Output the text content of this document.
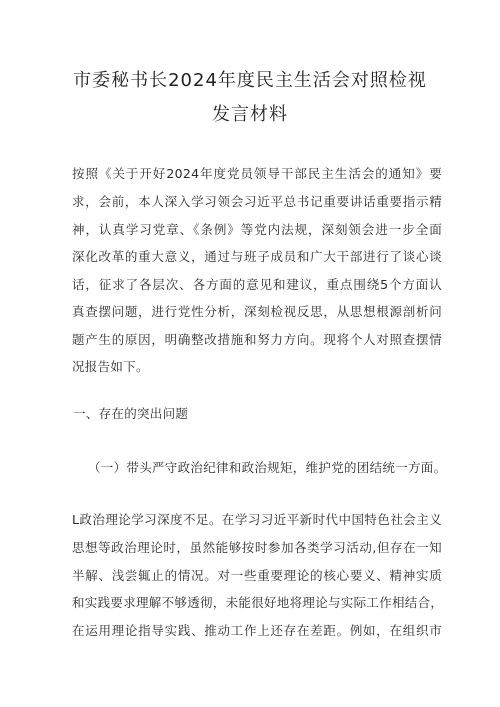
市委秘书长2024年度民主生活会对照检视
发言材料
按照《关于开好2024年度党员领导干部民主生活会的通知》要
求，会前，本人深入学习领会习近平总书记重要讲话重要指示精
神，认真学习党章、《条例》等党内法规，深刻领会进一步全面
深化改革的重大意义，通过与班子成员和广大干部进行了谈心谈
话，征求了各层次、各方面的意见和建议，重点围绕5个方面认
真查摆问题，进行党性分析，深刻检视反思，从思想根源剖析问
题产生的原因，明确整改措施和努力方向。现将个人对照查摆情
况报告如下。
一、存在的突出问题
（一）带头严守政治纪律和政治规矩，维护党的团结统一方面。
L政治理论学习深度不足。在学习习近平新时代中国特色社会主义
思想等政治理论时，虽然能够按时参加各类学习活动,但存在一知
半解、浅尝辄止的情况。对一些重要理论的核心要义、精神实质
和实践要求理解不够透彻，未能很好地将理论与实际工作相结合，
在运用理论指导实践、推动工作上还存在差距。例如，在组织市
